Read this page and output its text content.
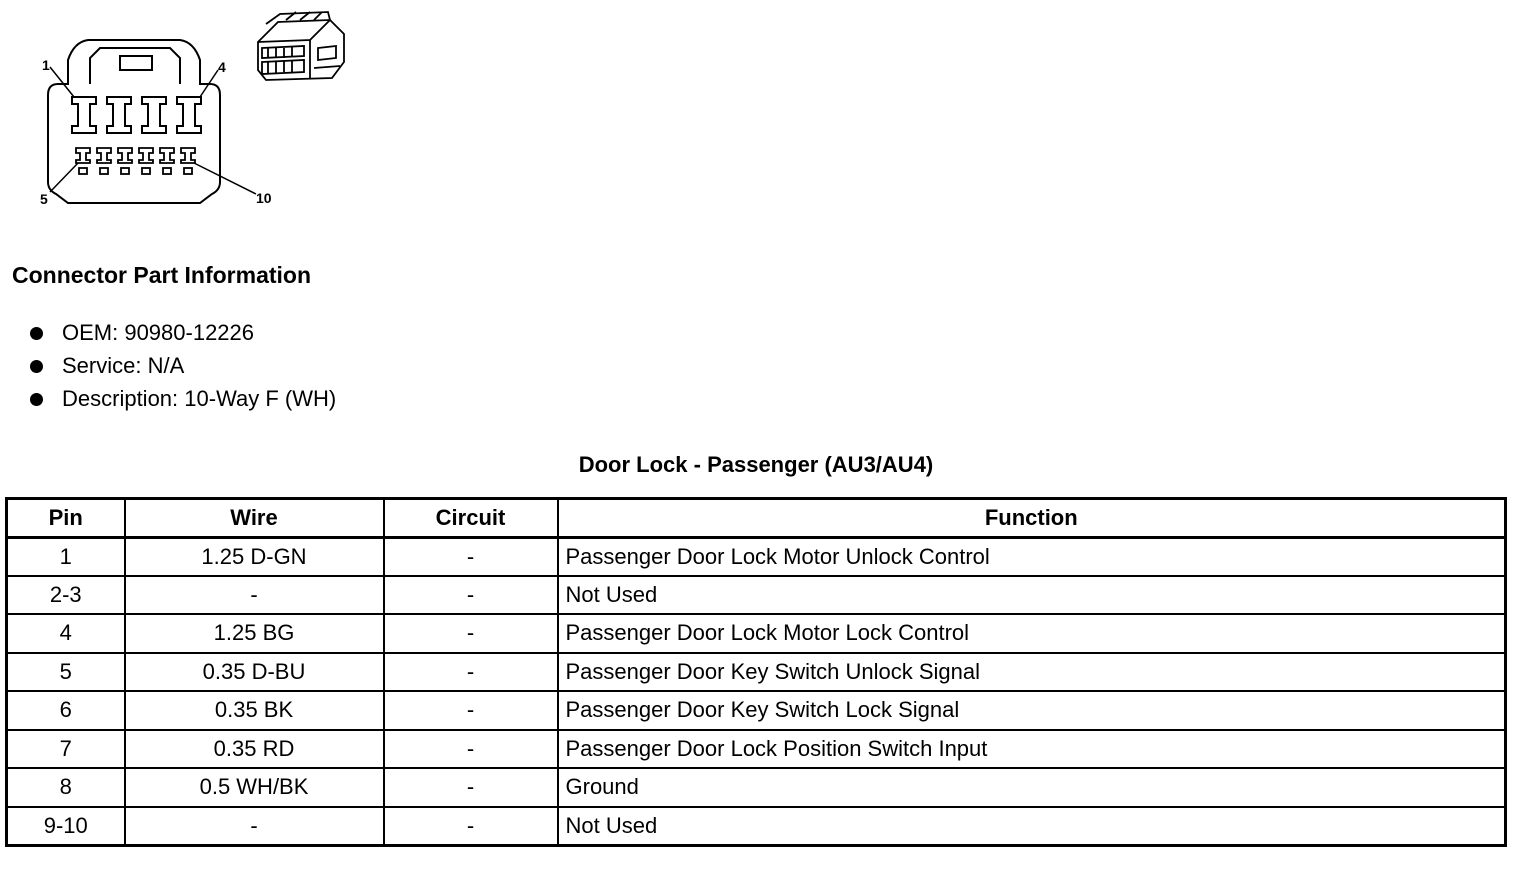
1	4
5	10
Connector Part Information
OEM: 90980-12226
Service: N/A
Description: 10-Way F (WH)
Door Lock - Passenger (AU3/AU4)
Pin	Wire	Circuit	Function
1	1.25 D-GN	-	Passenger Door Lock Motor Unlock Control
2-3	-	-	Not Used
4	1.25 BG	-	Passenger Door Lock Motor Lock Control
5	0.35 D-BU	-	Passenger Door Key Switch Unlock Signal
6	0.35 BK	-	Passenger Door Key Switch Lock Signal
7	0.35 RD	-	Passenger Door Lock Position Switch Input
8	0.5 WH/BK	-	Ground
9-10	-	-	Not Used
